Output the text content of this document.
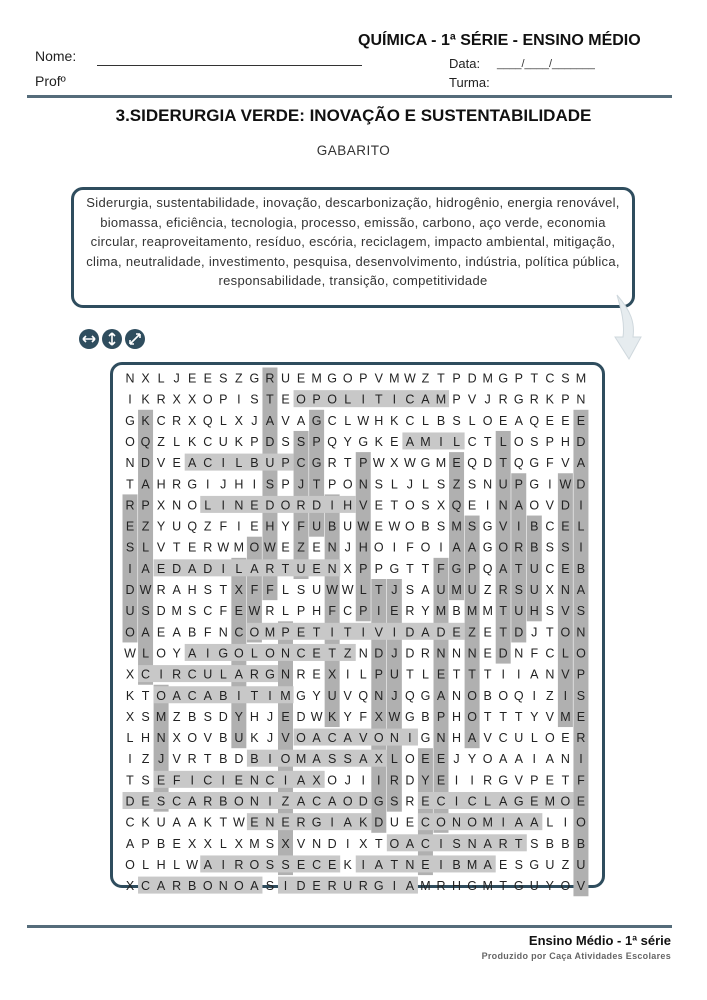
QUÍMICA - 1ª SÉRIE - ENSINO MÉDIO
Nome:	Data: ____/____/_______
Profº	Turma:
3.SIDERURGIA VERDE: INOVAÇÃO E SUSTENTABILIDADE
GABARITO
Siderurgia, sustentabilidade, inovação, descarbonização, hidrogênio, energia renovável, biomassa, eficiência, tecnologia, processo, emissão, carbono, aço verde, economia circular, reaproveitamento, resíduo, escória, reciclagem, impacto ambiental, mitigação, clima, neutralidade, investimento, pesquisa, desenvolvimento, indústria, política pública, responsabilidade, transição, competitividade
N X L J E E S Z G R U E M G O P V M W Z T P D M G P T C S M
I K R X X O P I S T E O P O L I T I C A M P V J R G R K P N
G K C R X Q L X J A V A G C L W H K C L B S L O E A Q E E E
O Q Z L K C U K P D S S P Q Y G K E A M I L C T L O S P H D
N D V E A C I L B U P C G R T P W X W G M E Q D T Q G F V A
T A H R G I J H I S P J T P O N S L J L S Z S N U P G I W D
R P X N O L I N E D O R D I H V E T O S X Q E I N A O V D I
E Z Y U Q Z F I E H Y F U B U W E W O B S M S G V I B C E L
S L V T E R W M O W E Z E N J H O I F O I A A G O R B S S I
I A E D A D I L A R T U E N X P P G T T F G P Q A T U C E B
D W R A H S T X F F L S U W W L T J S A U M U Z R S U X N A
U S D M S C F E W R L P H F C P I E R Y M B M M T U H S V S
O A E A B F N C O M P E T I T I V I D A D E Z E T D J T O N
W L O Y A I G O L O N C E T Z N D J D R N N N E D N F C L O
X C I R C U L A R G N R E X I L P U T L E T T T I I A N V P
K T O A C A B I T I M G Y U V Q N J Q G A N O B O Q I Z I S
X S M Z B S D Y H J E D W K Y F X W G B P H O T T T Y V M E
L H N X O V B U K J V O A C A V O N I G N H A V C U L O E R
I Z J V R T B D B I O M A S S A X L O E E J Y O A A I A N I
T S E F I C I E N C I A X O J I I R D Y E I I R G V P E T F
D E S C A R B O N I Z A C A O D G S R E C I C L A G E M O E
C K U A A K T W E N E R G I A K D U E C O N O M I A A L I O
A P B E X X L X M S X V N D I X T O A C I S N A R T S B B B
O L H L W A I R O S S E C E K I A T N E I B M A E S G U Z U
X C A R B O N O A S I D E R U R G I A M R H G M T G U Y O V
Ensino Médio - 1ª série
Produzido por Caça Atividades Escolares
